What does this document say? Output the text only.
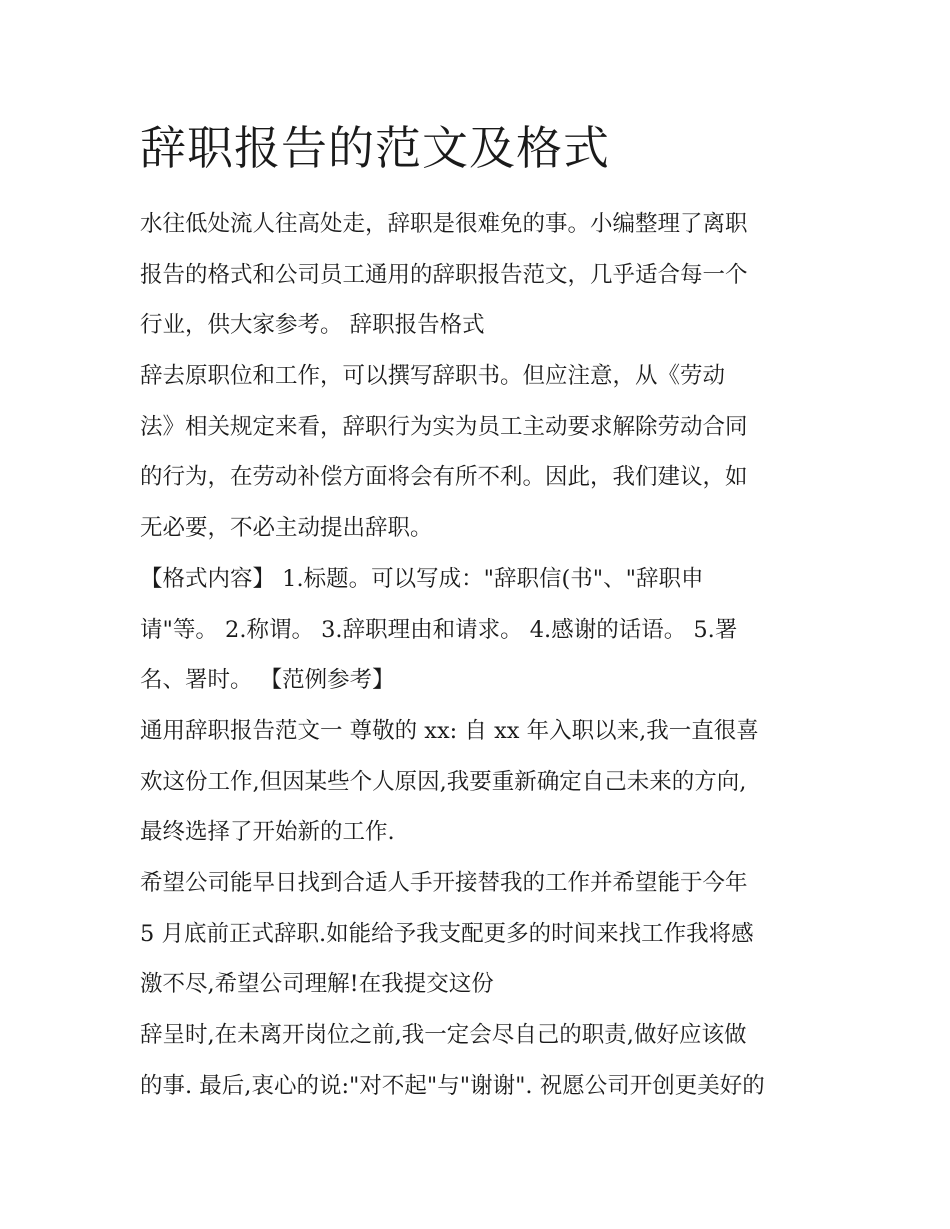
辞职报告的范文及格式
水往低处流人往高处走，辞职是很难免的事。小编整理了离职
报告的格式和公司员工通用的辞职报告范文，几乎适合每一个
行业，供大家参考。 辞职报告格式
辞去原职位和工作，可以撰写辞职书。但应注意，从《劳动
法》相关规定来看，辞职行为实为员工主动要求解除劳动合同
的行为，在劳动补偿方面将会有所不利。因此，我们建议，如
无必要，不必主动提出辞职。
【格式内容】 1.标题。可以写成："辞职信(书"、"辞职申
请"等。 2.称谓。 3.辞职理由和请求。 4.感谢的话语。 5.署
名、署时。 【范例参考】
通用辞职报告范文一 尊敬的 xx: 自 xx 年入职以来,我一直很喜
欢这份工作,但因某些个人原因,我要重新确定自己未来的方向,
最终选择了开始新的工作.
希望公司能早日找到合适人手开接替我的工作并希望能于今年
5 月底前正式辞职.如能给予我支配更多的时间来找工作我将感
激不尽,希望公司理解!在我提交这份
辞呈时,在未离开岗位之前,我一定会尽自己的职责,做好应该做
的事. 最后,衷心的说:"对不起"与"谢谢". 祝愿公司开创更美好的
